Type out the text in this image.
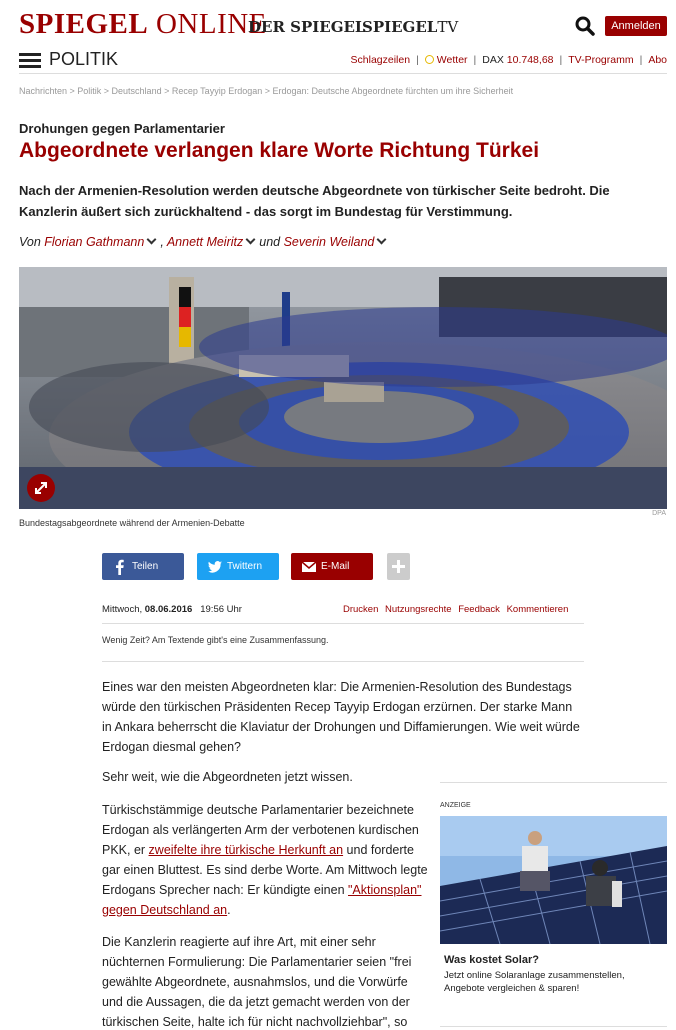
SPIEGEL ONLINE
DER SPIEGEL
SPIEGELTV	Anmelden
POLITIK	Schlagzeilen | Wetter | DAX 10.748,68 | TV-Programm | Abo
Nachrichten > Politik > Deutschland > Recep Tayyip Erdogan > Erdogan: Deutsche Abgeordnete fürchten um ihre Sicherheit
Drohungen gegen Parlamentarier
Abgeordnete verlangen klare Worte Richtung Türkei
Nach der Armenien-Resolution werden deutsche Abgeordnete von türkischer Seite bedroht. Die Kanzlerin äußert sich zurückhaltend - das sorgt im Bundestag für Verstimmung.
Von Florian Gathmann , Annett Meiritz und Severin Weiland
Bundestagsabgeordnete während der Armenien-Debatte
DPA
Teilen	Twittern	E-Mail
Mittwoch, 08.06.2016 19:56 Uhr	Drucken Nutzungsrechte Feedback Kommentieren
Wenig Zeit? Am Textende gibt's eine Zusammenfassung.

Eines war den meisten Abgeordneten klar: Die Armenien-Resolution des Bundestags würde den türkischen Präsidenten Recep Tayyip Erdogan erzürnen. Der starke Mann in Ankara beherrscht die Klaviatur der Drohungen und Diffamierungen. Wie weit würde Erdogan diesmal gehen?

Sehr weit, wie die Abgeordneten jetzt wissen.

Türkischstämmige deutsche Parlamentarier bezeichnete Erdogan als verlängerten Arm der verbotenen kurdischen PKK, er zweifelte ihre türkische Herkunft an und forderte gar einen Bluttest. Es sind derbe Worte. Am Mittwoch legte Erdogans Sprecher nach: Er kündigte einen "Aktionsplan" gegen Deutschland an.

Die Kanzlerin reagierte auf ihre Art, mit einer sehr nüchternen Formulierung: Die Parlamentarier seien "frei gewählte Abgeordnete, ausnahmslos, und die Vorwürfe und die Aussagen, die da jetzt gemacht werden von der türkischen Seite, halte ich für nicht nachvollziehbar", so

ANZEIGE
Was kostet Solar?
Jetzt online Solaranlage zusammenstellen, Angebote vergleichen & sparen!
